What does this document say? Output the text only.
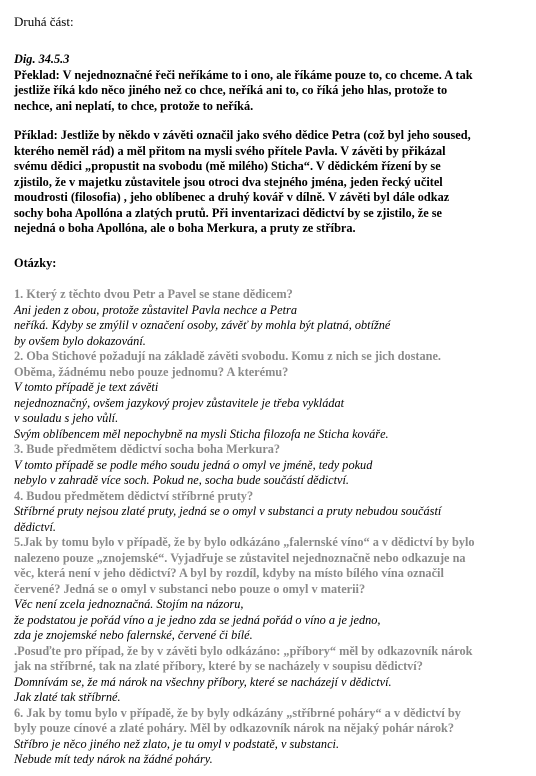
Druhá část:
Dig. 34.5.3
Překlad: V nejednoznačné řeči neříkáme to i ono, ale říkáme pouze to, co chceme. A tak
jestliže říká kdo něco jiného než co chce, neříká ani to, co říká jeho hlas, protože to
nechce, ani neplatí, to chce, protože to neříká.
Příklad: Jestliže by někdo v závěti označil jako svého dědice Petra (což byl jeho soused,
kterého neměl rád) a měl přitom na mysli svého přítele Pavla. V závěti by přikázal
svému dědici „propustit na svobodu (mě milého) Sticha“. V dědickém řízení by se
zjistilo, že v majetku zůstavitele jsou otroci dva stejného jména, jeden řecký učitel
moudrosti (filosofia) , jeho oblíbenec a druhý kovář v dílně. V závěti byl dále odkaz
sochy boha Apollóna a zlatých prutů. Při inventarizaci dědictví by se zjistilo, že se
nejedná o boha Apollóna, ale o boha Merkura, a pruty ze stříbra.
Otázky:
1. Který z těchto dvou Petr a Pavel se stane dědicem?
Ani jeden z obou, protože zůstavitel Pavla nechce a Petra
neříká. Kdyby se zmýlil v označení osoby, závěť by mohla být platná, obtížné
by ovšem bylo dokazování.
2. Oba Stichové požadují na základě závěti svobodu. Komu z nich se jich dostane.
Oběma, žádnému nebo pouze jednomu? A kterému?
V tomto případě je text závěti
nejednoznačný, ovšem jazykový projev zůstavitele je třeba vykládat
v souladu s jeho vůlí.
Svým oblíbencem měl nepochybně na mysli Sticha filozofa ne Sticha kováře.
3. Bude předmětem dědictví socha boha Merkura?
V tomto případě se podle mého soudu jedná o omyl ve jméně, tedy pokud
nebylo v zahradě více soch. Pokud ne, socha bude součástí dědictví.
4. Budou předmětem dědictví stříbrné pruty?
Stříbrné pruty nejsou zlaté pruty, jedná se o omyl v substanci a pruty nebudou součástí
dědictví.
5.Jak by tomu bylo v případě, že by bylo odkázáno „falernské víno“ a v dědictví by bylo
nalezeno pouze „znojemské“. Vyjadřuje se zůstavitel nejednoznačně nebo odkazuje na
věc, která není v jeho dědictví? A byl by rozdíl, kdyby na místo bílého vína označil
červené? Jedná se o omyl v substanci nebo pouze o omyl v materii?
Věc není zcela jednoznačná. Stojím na názoru,
že podstatou je pořád víno a je jedno zda se jedná pořád o víno a je jedno,
zda je znojemské nebo falernské, červené či bílé.
.Posuďte pro případ, že by v závěti bylo odkázáno: „příbory“ měl by odkazovník nárok
jak na stříbrné, tak na zlaté příbory, které by se nacházely v soupisu dědictví?
Domnívám se, že má nárok na všechny příbory, které se nacházejí v dědictví.
Jak zlaté tak stříbrné.
6. Jak by tomu bylo v případě, že by byly odkázány „stříbrné poháry“ a v dědictví by
byly pouze cínové a zlaté poháry. Měl by odkazovník nárok na nějaký pohár nárok?
Stříbro je něco jiného než zlato, je tu omyl v podstatě, v substanci.
Nebude mít tedy nárok na žádné poháry.
